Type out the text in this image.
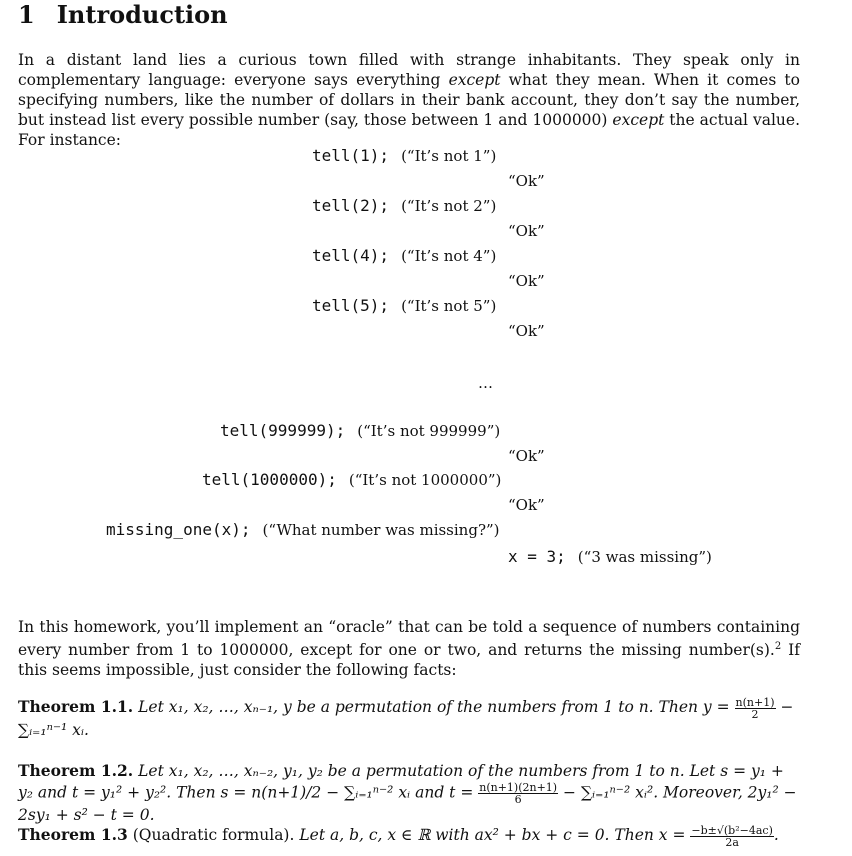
1 Introduction
In a distant land lies a curious town filled with strange inhabitants. They speak only in complementary language: everyone says everything except what they mean. When it comes to specifying numbers, like the number of dollars in their bank account, they don’t say the number, but instead list every possible number (say, those between 1 and 1000000) except the actual value. For instance:
tell(1); (“It’s not 1”)
“Ok”
tell(2); (“It’s not 2”)
“Ok”
tell(4); (“It’s not 4”)
“Ok”
tell(5); (“It’s not 5”)
“Ok”
…
tell(999999); (“It’s not 999999”)
“Ok”
tell(1000000); (“It’s not 1000000”)
“Ok”
missing_one(x); (“What number was missing?”)
x = 3; (“3 was missing”)
In this homework, you’ll implement an “oracle” that can be told a sequence of numbers containing every number from 1 to 1000000, except for one or two, and returns the missing number(s).$^2$ If this seems impossible, just consider the following facts:
Theorem 1.1. Let x₁, x₂, …, xₙ₋₁, y be a permutation of the numbers from 1 to n. Then $y = \frac{n(n+1)}{2}$ − ∑ᵢ₌₁ⁿ⁻¹ xᵢ.
Theorem 1.2. Let x₁, x₂, …, xₙ₋₂, y₁, y₂ be a permutation of the numbers from 1 to n. Let s = y₁ + y₂ and t = y₁² + y₂². Then s = n(n+1)/2 − ∑ᵢ₌₁ⁿ⁻² xᵢ and $t = \frac{n(n+1)(2n+1)}{6}$ − ∑ᵢ₌₁ⁿ⁻² xᵢ². Moreover, 2y₁² − 2sy₁ + s² − t = 0.
Theorem 1.3 (Quadratic formula). Let a, b, c, x ∈ ℝ with ax² + bx + c = 0. Then $x = \frac{\text{−b±√(b²−4ac)}}{2a}$ .
